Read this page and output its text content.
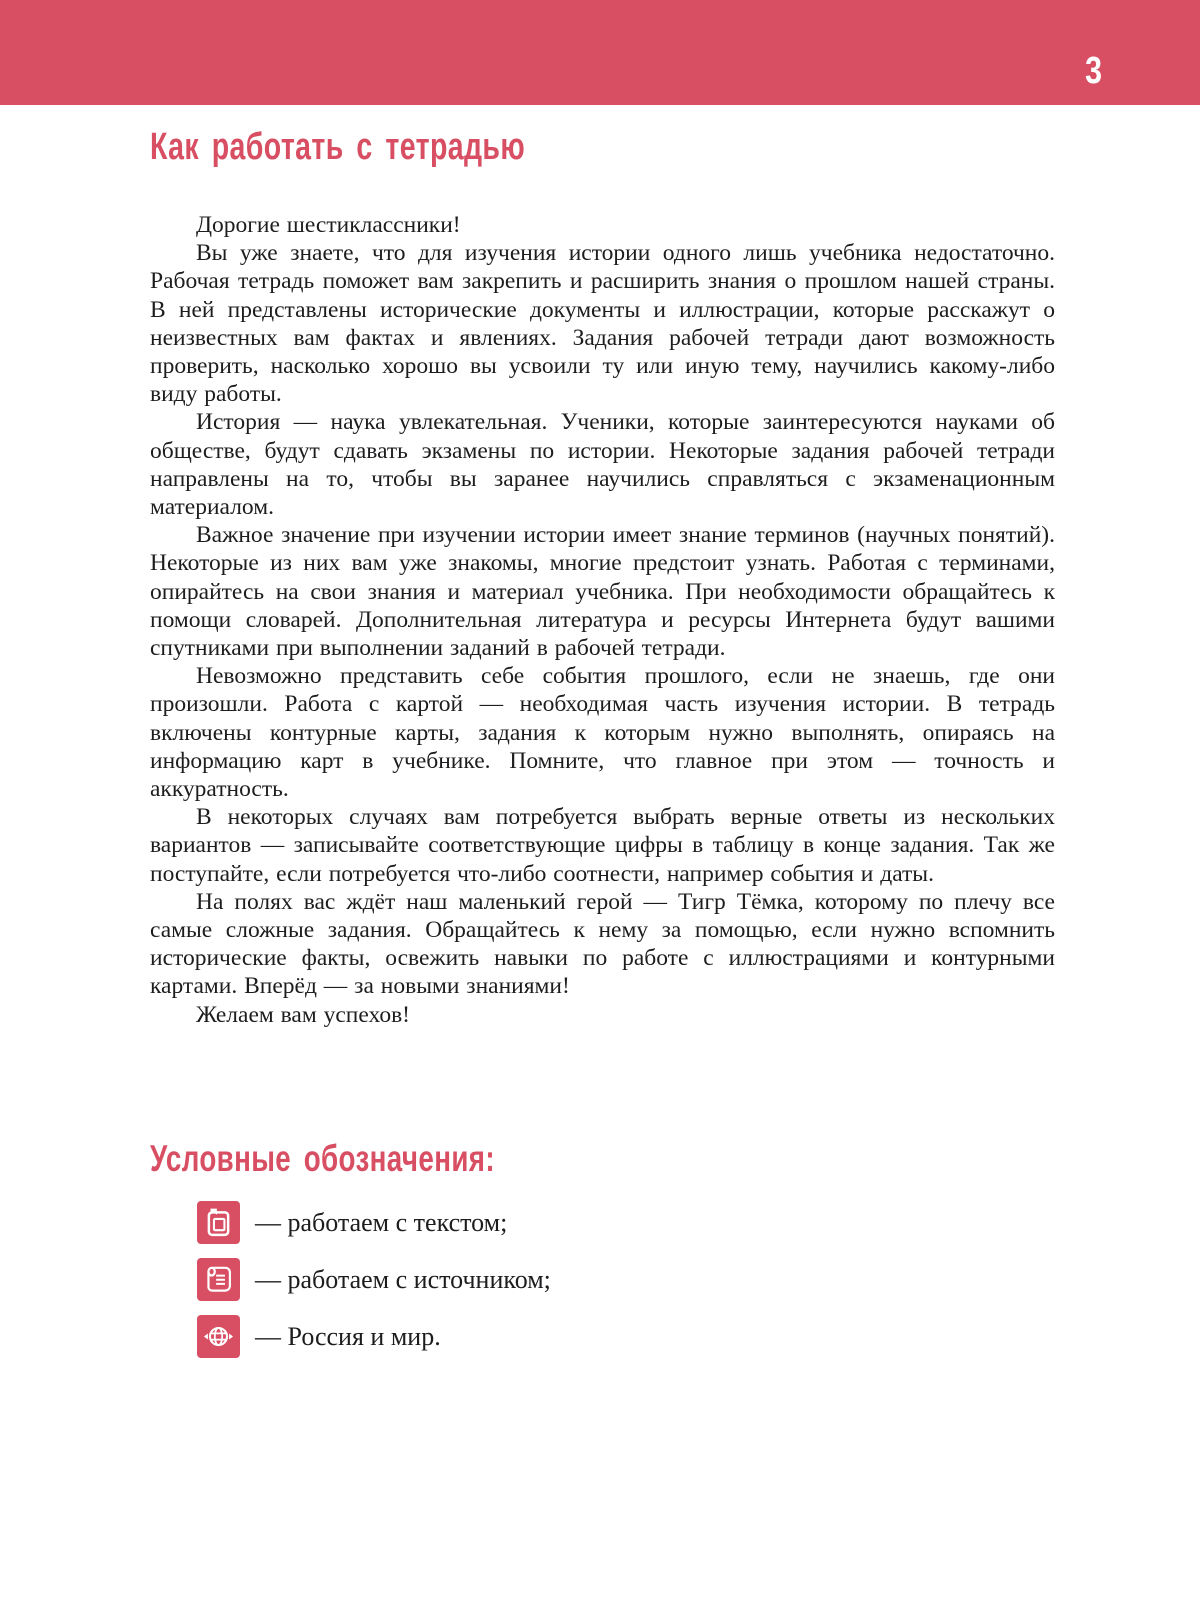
3
Как работать с тетрадью

Дорогие шестиклассники!

Вы уже знаете, что для изучения истории одного лишь учебника недостаточно. Рабочая тетрадь поможет вам закрепить и расширить знания о прошлом нашей страны. В ней представлены исторические документы и иллюстрации, которые расскажут о неизвестных вам фактах и явлениях. Задания рабочей тетради дают возможность проверить, насколько хорошо вы усвоили ту или иную тему, научились какому-либо виду работы.

История — наука увлекательная. Ученики, которые заинтересуются науками об обществе, будут сдавать экзамены по истории. Некоторые задания рабочей тетради направлены на то, чтобы вы заранее научились справляться с экзаменационным материалом.

Важное значение при изучении истории имеет знание терминов (научных понятий). Некоторые из них вам уже знакомы, многие предстоит узнать. Работая с терминами, опирайтесь на свои знания и материал учебника. При необходимости обращайтесь к помощи словарей. Дополнительная литература и ресурсы Интернета будут вашими спутниками при выполнении заданий в рабочей тетради.

Невозможно представить себе события прошлого, если не знаешь, где они произошли. Работа с картой — необходимая часть изучения истории. В тетрадь включены контурные карты, задания к которым нужно выполнять, опираясь на информацию карт в учебнике. Помните, что главное при этом — точность и аккуратность.

В некоторых случаях вам потребуется выбрать верные ответы из нескольких вариантов — записывайте соответствующие цифры в таблицу в конце задания. Так же поступайте, если потребуется что-либо соотнести, например события и даты.

На полях вас ждёт наш маленький герой — Тигр Тёмка, которому по плечу все самые сложные задания. Обращайтесь к нему за помощью, если нужно вспомнить исторические факты, освежить навыки по работе с иллюстрациями и контурными картами. Вперёд — за новыми знаниями!

Желаем вам успехов!

Условные обозначения:
— работаем с текстом;
— работаем с источником;
— Россия и мир.
